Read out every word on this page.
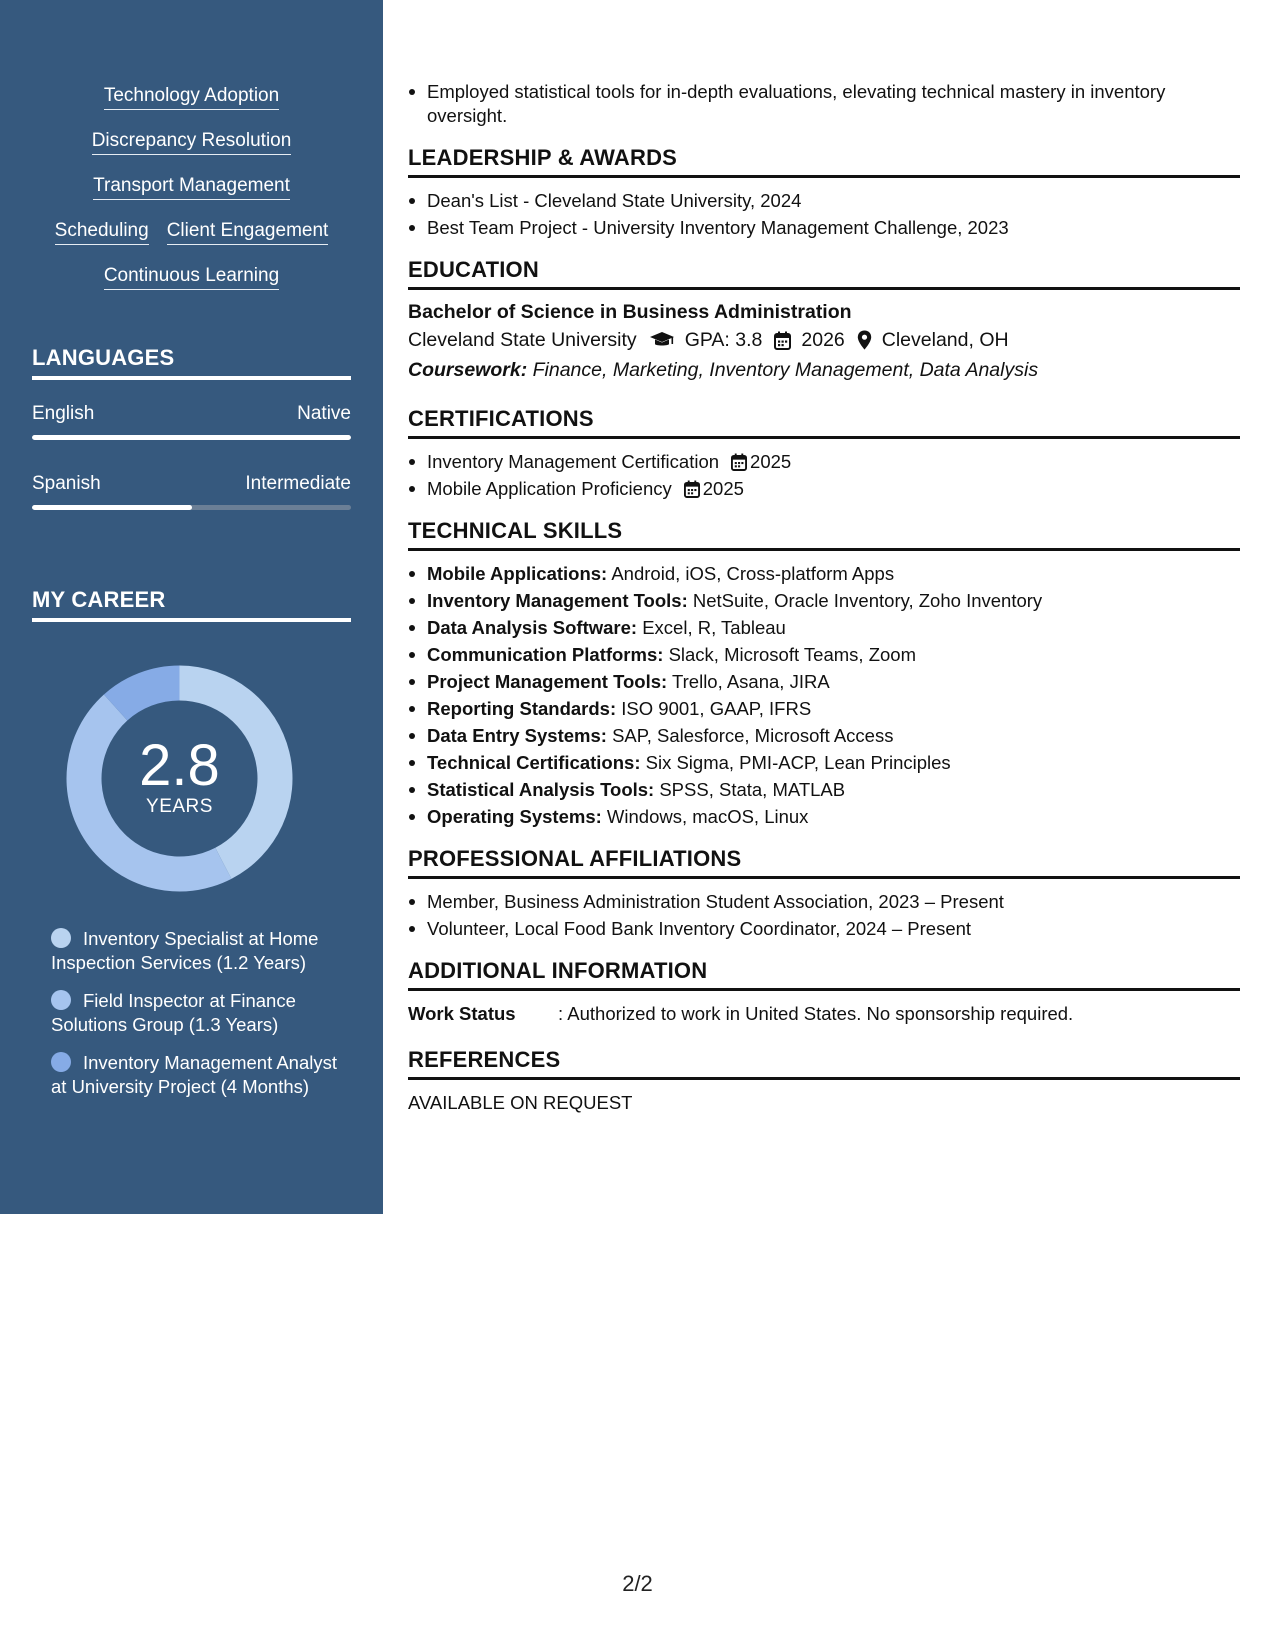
Technology Adoption
Discrepancy Resolution
Transport Management
Scheduling Client Engagement
Continuous Learning
LANGUAGES
English	Native
Spanish	Intermediate
MY CAREER
2.8
YEARS
Inventory Specialist at Home Inspection Services (1.2 Years)
Field Inspector at Finance Solutions Group (1.3 Years)
Inventory Management Analyst at University Project (4 Months)
Employed statistical tools for in-depth evaluations, elevating technical mastery in inventory oversight.
LEADERSHIP & AWARDS
Dean's List - Cleveland State University, 2024
Best Team Project - University Inventory Management Challenge, 2023
EDUCATION
Bachelor of Science in Business Administration
Cleveland State University GPA: 3.8 2026 Cleveland, OH
Coursework: Finance, Marketing, Inventory Management, Data Analysis
CERTIFICATIONS
Inventory Management Certification 2025
Mobile Application Proficiency 2025
TECHNICAL SKILLS
Mobile Applications: Android, iOS, Cross-platform Apps
Inventory Management Tools: NetSuite, Oracle Inventory, Zoho Inventory
Data Analysis Software: Excel, R, Tableau
Communication Platforms: Slack, Microsoft Teams, Zoom
Project Management Tools: Trello, Asana, JIRA
Reporting Standards: ISO 9001, GAAP, IFRS
Data Entry Systems: SAP, Salesforce, Microsoft Access
Technical Certifications: Six Sigma, PMI-ACP, Lean Principles
Statistical Analysis Tools: SPSS, Stata, MATLAB
Operating Systems: Windows, macOS, Linux
PROFESSIONAL AFFILIATIONS
Member, Business Administration Student Association, 2023 – Present
Volunteer, Local Food Bank Inventory Coordinator, 2024 – Present
ADDITIONAL INFORMATION
Work Status	: Authorized to work in United States. No sponsorship required.
REFERENCES
AVAILABLE ON REQUEST
2/2
